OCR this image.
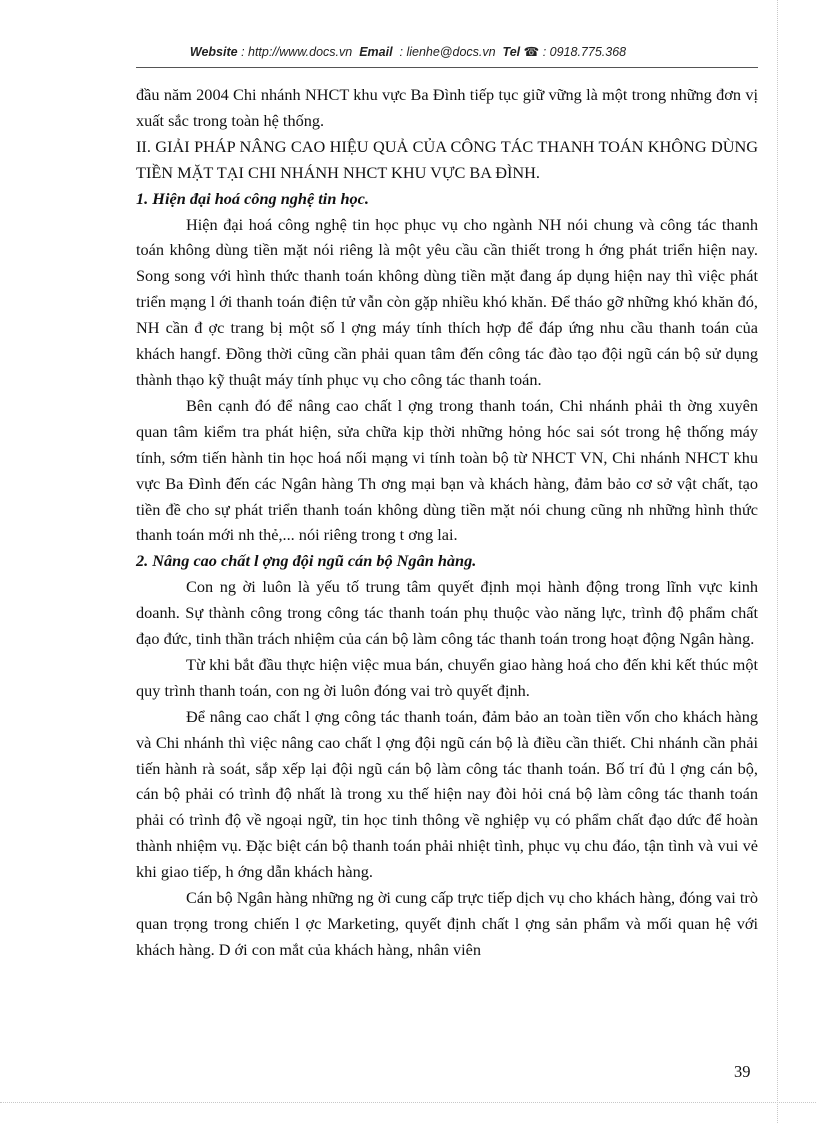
Website : http://www.docs.vn Email : lienhe@docs.vn Tel ☎ : 0918.775.368

đầu năm 2004 Chi nhánh NHCT khu vực Ba Đình tiếp tục giữ vững là một trong những đơn vị xuất sắc trong toàn hệ thống.

II. GIẢI PHÁP NÂNG CAO HIỆU QUẢ CỦA CÔNG TÁC THANH TOÁN KHÔNG DÙNG TIỀN MẶT TẠI CHI NHÁNH NHCT KHU VỰC BA ĐÌNH.

1. Hiện đại hoá công nghệ tin học.

Hiện đại hoá công nghệ tin học phục vụ cho ngành NH nói chung và công tác thanh toán không dùng tiền mặt nói riêng là một yêu cầu cần thiết trong h ớng phát triển hiện nay. Song song với hình thức thanh toán không dùng tiền mặt đang áp dụng hiện nay thì việc phát triển mạng l ới thanh toán điện tử vẫn còn gặp nhiều khó khăn. Để tháo gỡ những khó khăn đó, NH cần đ ợc trang bị một số l ợng máy tính thích hợp để đáp ứng nhu cầu thanh toán của khách hangf. Đồng thời cũng cần phải quan tâm đến công tác đào tạo đội ngũ cán bộ sử dụng thành thạo kỹ thuật máy tính phục vụ cho công tác thanh toán.

Bên cạnh đó để nâng cao chất l ợng trong thanh toán, Chi nhánh phải th ờng xuyên quan tâm kiểm tra phát hiện, sửa chữa kịp thời những hỏng hóc sai sót trong hệ thống máy tính, sớm tiến hành tin học hoá nối mạng vi tính toàn bộ từ NHCT VN, Chi nhánh NHCT khu vực Ba Đình đến các Ngân hàng Th ơng mại bạn và khách hàng, đảm bảo cơ sở vật chất, tạo tiền đề cho sự phát triển thanh toán không dùng tiền mặt nói chung cũng nh những hình thức thanh toán mới nh thẻ,... nói riêng trong t ơng lai.

2. Nâng cao chất l ợng đội ngũ cán bộ Ngân hàng.

Con ng ời luôn là yếu tố trung tâm quyết định mọi hành động trong lĩnh vực kinh doanh. Sự thành công trong công tác thanh toán phụ thuộc vào năng lực, trình độ phẩm chất đạo đức, tinh thần trách nhiệm của cán bộ làm công tác thanh toán trong hoạt động Ngân hàng.

Từ khi bắt đầu thực hiện việc mua bán, chuyển giao hàng hoá cho đến khi kết thúc một quy trình thanh toán, con ng ời luôn đóng vai trò quyết định.

Để nâng cao chất l ợng công tác thanh toán, đảm bảo an toàn tiền vốn cho khách hàng và Chi nhánh thì việc nâng cao chất l ợng đội ngũ cán bộ là điều cần thiết. Chi nhánh cần phải tiến hành rà soát, sắp xếp lại đội ngũ cán bộ làm công tác thanh toán. Bố trí đủ l ợng cán bộ, cán bộ phải có trình độ nhất là trong xu thế hiện nay đòi hỏi cná bộ làm công tác thanh toán phải có trình độ về ngoại ngữ, tin học tinh thông về nghiệp vụ có phẩm chất đạo dức để hoàn thành nhiệm vụ. Đặc biệt cán bộ thanh toán phải nhiệt tình, phục vụ chu đáo, tận tình và vui vẻ khi giao tiếp, h ớng dẫn khách hàng.

Cán bộ Ngân hàng những ng ời cung cấp trực tiếp dịch vụ cho khách hàng, đóng vai trò quan trọng trong chiến l ợc Marketing, quyết định chất l ợng sản phẩm và mối quan hệ với khách hàng. D ới con mắt của khách hàng, nhân viên

39
